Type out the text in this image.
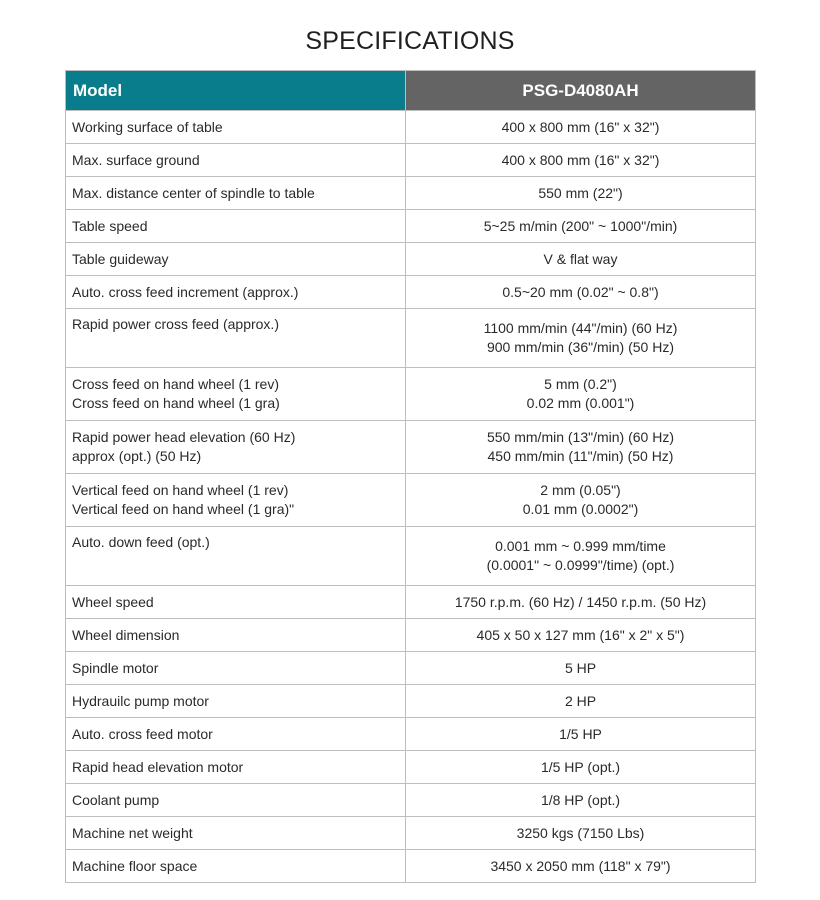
SPECIFICATIONS
Model	PSG-D4080AH

Working surface of table	400 x 800 mm (16" x 32")

Max. surface ground	400 x 800 mm (16" x 32")

Max. distance center of spindle to table	550 mm (22")

Table speed	5~25 m/min (200" ~ 1000"/min)

Table guideway	V & flat way

Auto. cross feed increment (approx.)	0.5~20 mm (0.02" ~ 0.8")

Rapid power cross feed (approx.)	1100 mm/min (44"/min) (60 Hz)
900 mm/min (36"/min) (50 Hz)

Cross feed on hand wheel (1 rev)
Cross feed on hand wheel (1 gra)	5 mm (0.2")
0.02 mm (0.001")

Rapid power head elevation (60 Hz)
approx (opt.) (50 Hz)	550 mm/min (13"/min) (60 Hz)
450 mm/min (11"/min) (50 Hz)

Vertical feed on hand wheel (1 rev)
Vertical feed on hand wheel (1 gra)"	2 mm (0.05")
0.01 mm (0.0002")

Auto. down feed (opt.)	0.001 mm ~ 0.999 mm/time
(0.0001" ~ 0.0999"/time) (opt.)

Wheel speed	1750 r.p.m. (60 Hz) / 1450 r.p.m. (50 Hz)

Wheel dimension	405 x 50 x 127 mm (16" x 2" x 5")

Spindle motor	5 HP

Hydrauilc pump motor	2 HP

Auto. cross feed motor	1/5 HP

Rapid head elevation motor	1/5 HP (opt.)

Coolant pump	1/8 HP (opt.)

Machine net weight	3250 kgs (7150 Lbs)

Machine floor space	3450 x 2050 mm (118" x 79")
